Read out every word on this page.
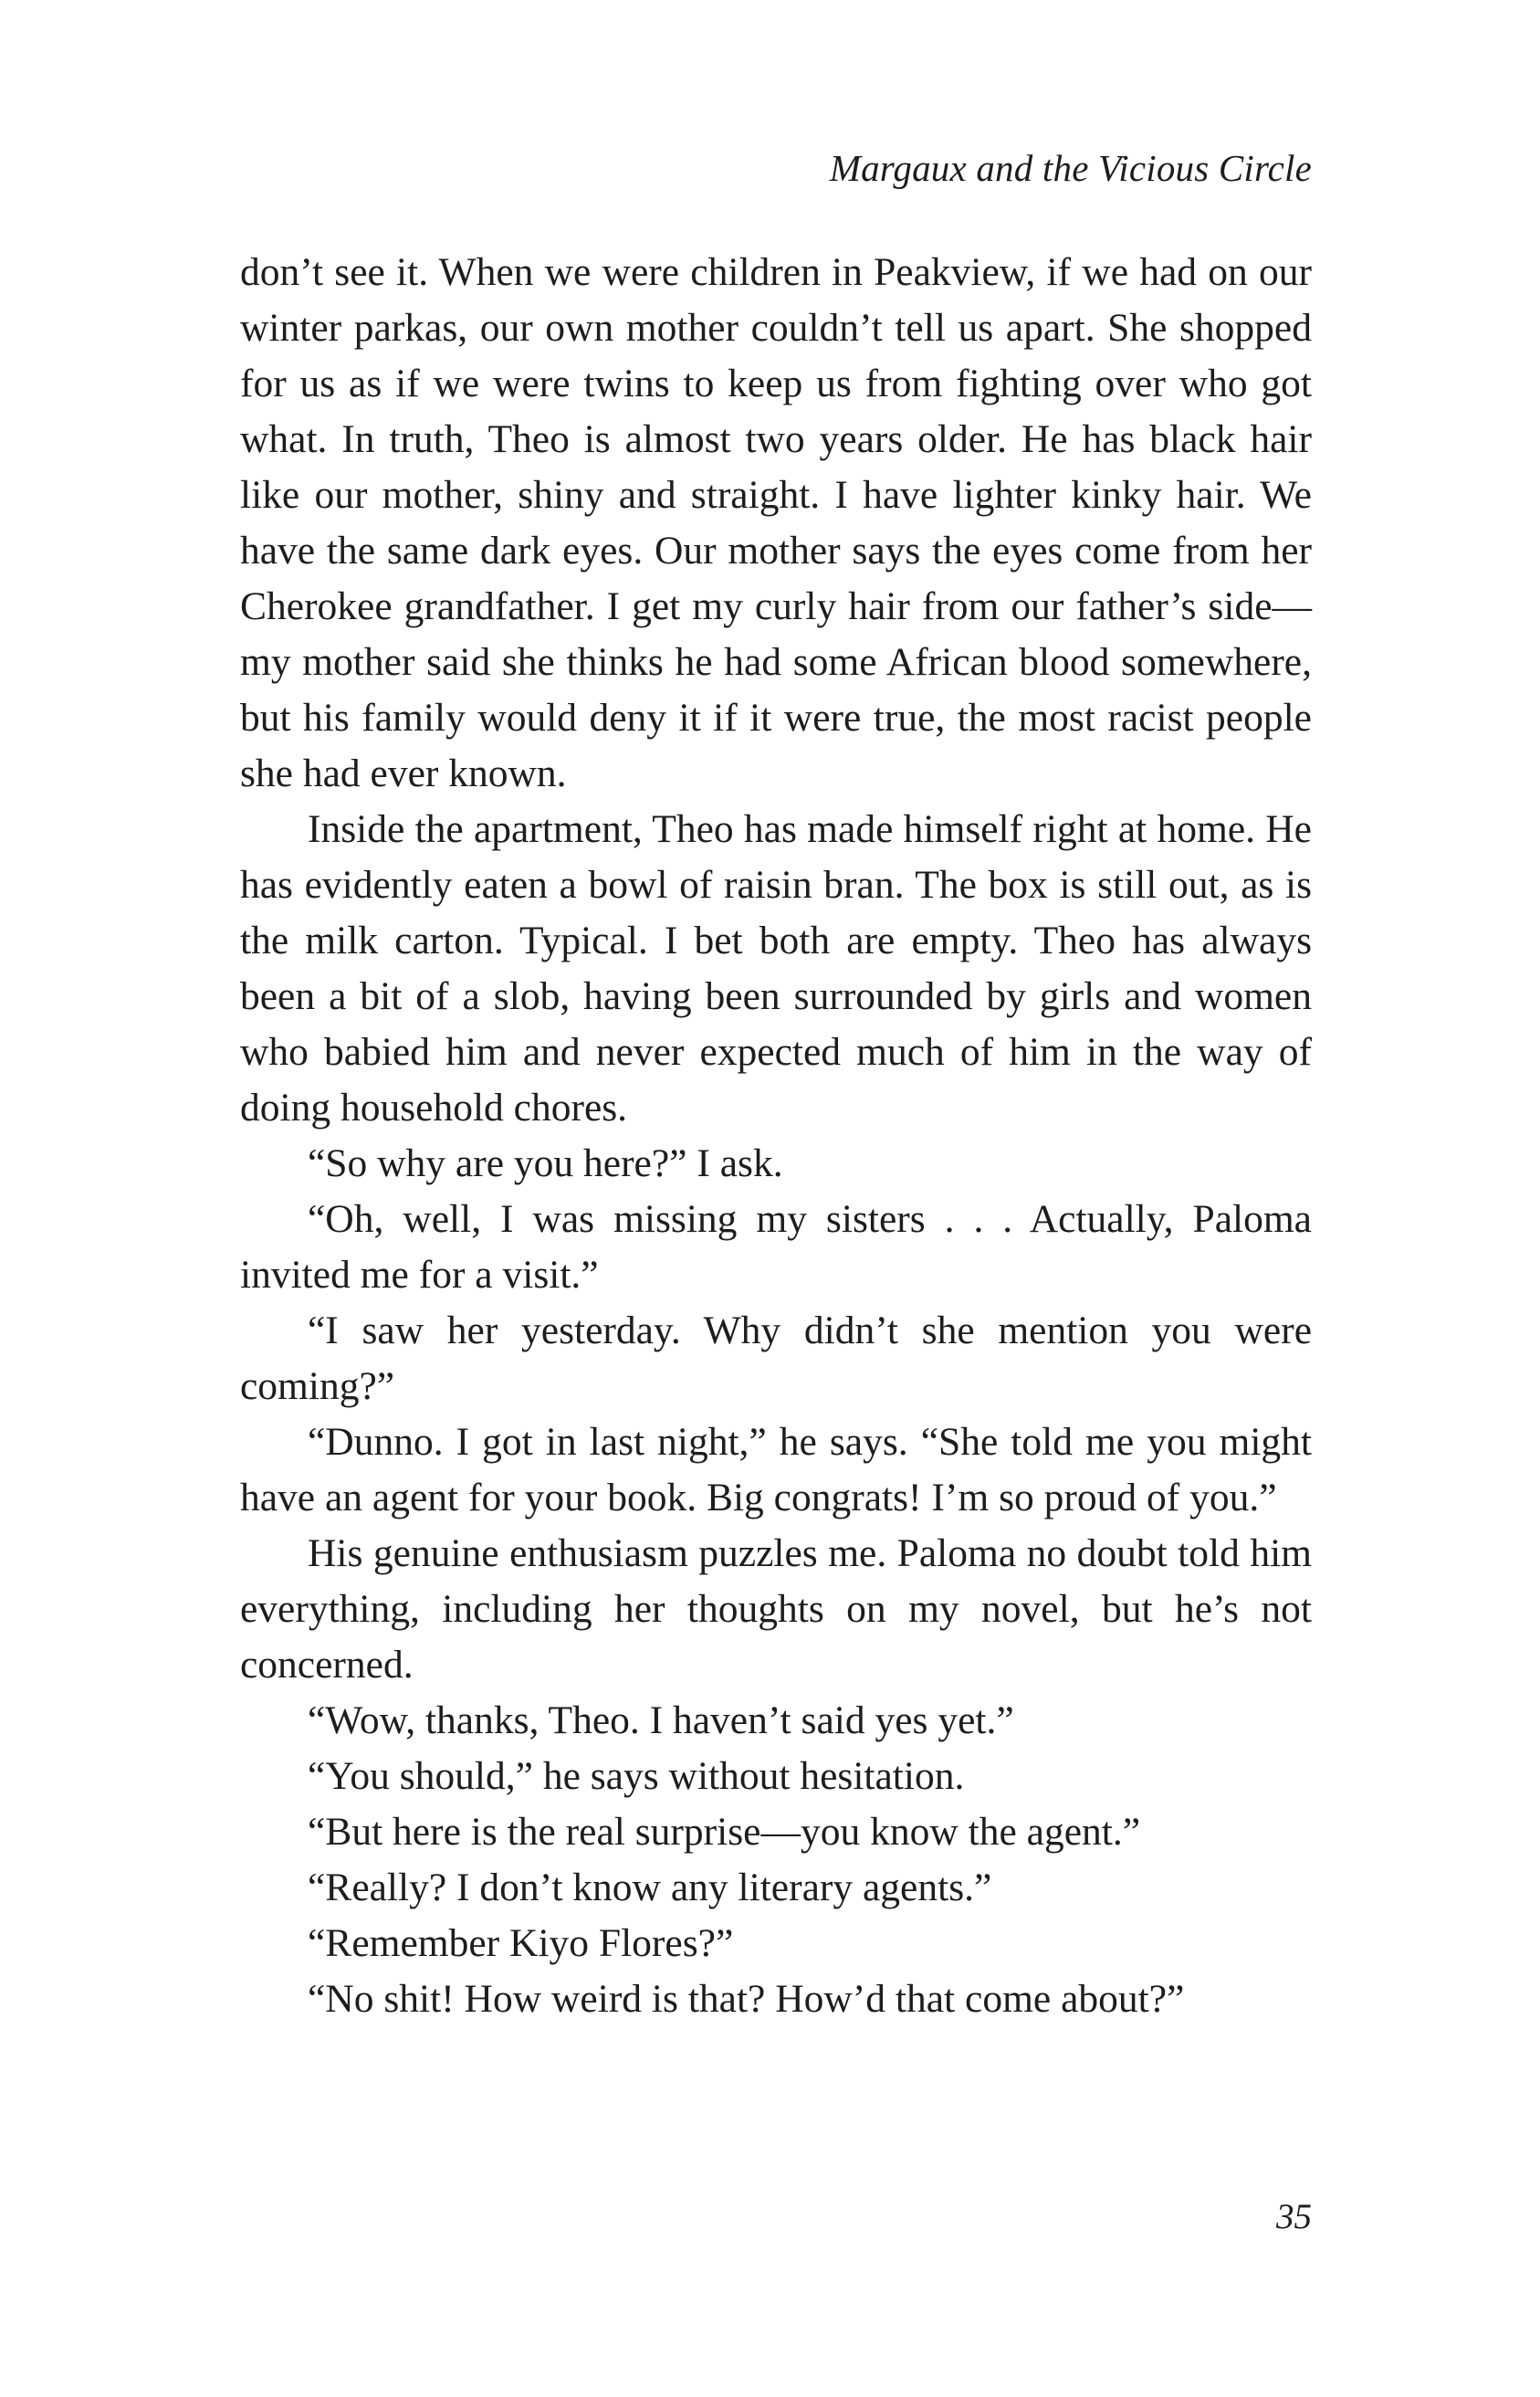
Margaux and the Vicious Circle

don’t see it. When we were children in Peakview, if we had on our winter parkas, our own mother couldn’t tell us apart. She shopped for us as if we were twins to keep us from fighting over who got what. In truth, Theo is almost two years older. He has black hair like our mother, shiny and straight. I have lighter kinky hair. We have the same dark eyes. Our mother says the eyes come from her Cherokee grandfather. I get my curly hair from our father’s side—my mother said she thinks he had some African blood somewhere, but his family would deny it if it were true, the most racist people she had ever known.

Inside the apartment, Theo has made himself right at home. He has evidently eaten a bowl of raisin bran. The box is still out, as is the milk carton. Typical. I bet both are empty. Theo has always been a bit of a slob, having been surrounded by girls and women who babied him and never expected much of him in the way of doing household chores.

“So why are you here?” I ask.

“Oh, well, I was missing my sisters . . . Actually, Paloma invited me for a visit.”

“I saw her yesterday. Why didn’t she mention you were coming?”

“Dunno. I got in last night,” he says. “She told me you might have an agent for your book. Big congrats! I’m so proud of you.”

His genuine enthusiasm puzzles me. Paloma no doubt told him everything, including her thoughts on my novel, but he’s not concerned.

“Wow, thanks, Theo. I haven’t said yes yet.”

“You should,” he says without hesitation.

“But here is the real surprise—you know the agent.”

“Really? I don’t know any literary agents.”

“Remember Kiyo Flores?”

“No shit! How weird is that? How’d that come about?”

35
